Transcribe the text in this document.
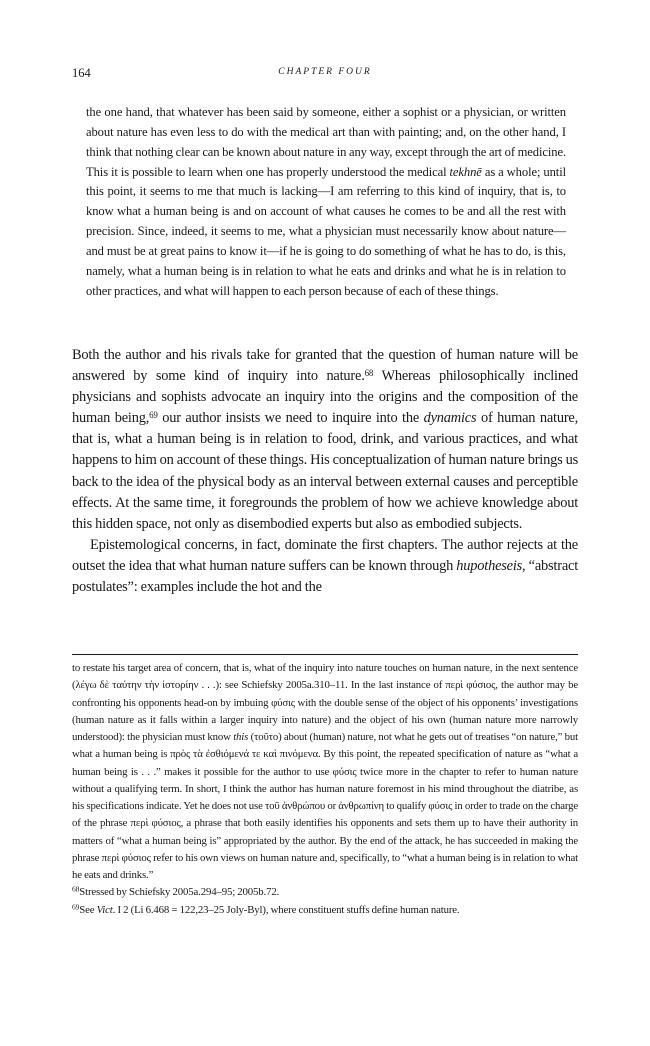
164	CHAPTER FOUR

the one hand, that whatever has been said by someone, either a sophist or a physician, or written about nature has even less to do with the medical art than with painting; and, on the other hand, I think that nothing clear can be known about nature in any way, except through the art of medicine. This it is possible to learn when one has properly understood the medical tekhnē as a whole; until this point, it seems to me that much is lacking—I am referring to this kind of inquiry, that is, to know what a human being is and on account of what causes he comes to be and all the rest with precision. Since, indeed, it seems to me, what a physician must necessarily know about nature—and must be at great pains to know it—if he is going to do something of what he has to do, is this, namely, what a human being is in relation to what he eats and drinks and what he is in relation to other practices, and what will happen to each person because of each of these things.

Both the author and his rivals take for granted that the question of human nature will be answered by some kind of inquiry into nature.$^{68}$ Whereas philosophically inclined physicians and sophists advocate an inquiry into the origins and the composition of the human being,$^{69}$ our author insists we need to inquire into the dynamics of human nature, that is, what a human being is in relation to food, drink, and various practices, and what happens to him on account of these things. His conceptualization of human nature brings us back to the idea of the physical body as an interval between external causes and perceptible effects. At the same time, it foregrounds the problem of how we achieve knowledge about this hidden space, not only as disembodied experts but also as embodied subjects.

Epistemological concerns, in fact, dominate the first chapters. The author rejects at the outset the idea that what human nature suffers can be known through hupotheseis, “abstract postulates”: examples include the hot and the

to restate his target area of concern, that is, what of the inquiry into nature touches on human nature, in the next sentence (λέγω δὲ ταύτην τὴν ἱστορίην . . .): see Schiefsky 2005a.310–11. In the last instance of περὶ φύσιος, the author may be confronting his opponents head-on by imbuing φύσις with the double sense of the object of his opponents’ investigations (human nature as it falls within a larger inquiry into nature) and the object of his own (human nature more narrowly understood): the physician must know this (τοῦτο) about (human) nature, not what he gets out of treatises “on nature,” but what a human being is πρὸς τὰ ἐσθιόμενά τε καὶ πινόμενα. By this point, the repeated specification of nature as “what a human being is . . .” makes it possible for the author to use φύσις twice more in the chapter to refer to human nature without a qualifying term. In short, I think the author has human nature foremost in his mind throughout the diatribe, as his specifications indicate. Yet he does not use τοῦ ἀνθρώπου or ἀνθρωπίνη to qualify φύσις in order to trade on the charge of the phrase περὶ φύσιος, a phrase that both easily identifies his opponents and sets them up to have their authority in matters of “what a human being is” appropriated by the author. By the end of the attack, he has succeeded in making the phrase περὶ φύσιος refer to his own views on human nature and, specifically, to “what a human being is in relation to what he eats and drinks.”

$^{68}$Stressed by Schiefsky 2005a.294–95; 2005b.72.

$^{69}$See Vict. I 2 (Li 6.468 = 122,23–25 Joly-Byl), where constituent stuffs define human nature.
